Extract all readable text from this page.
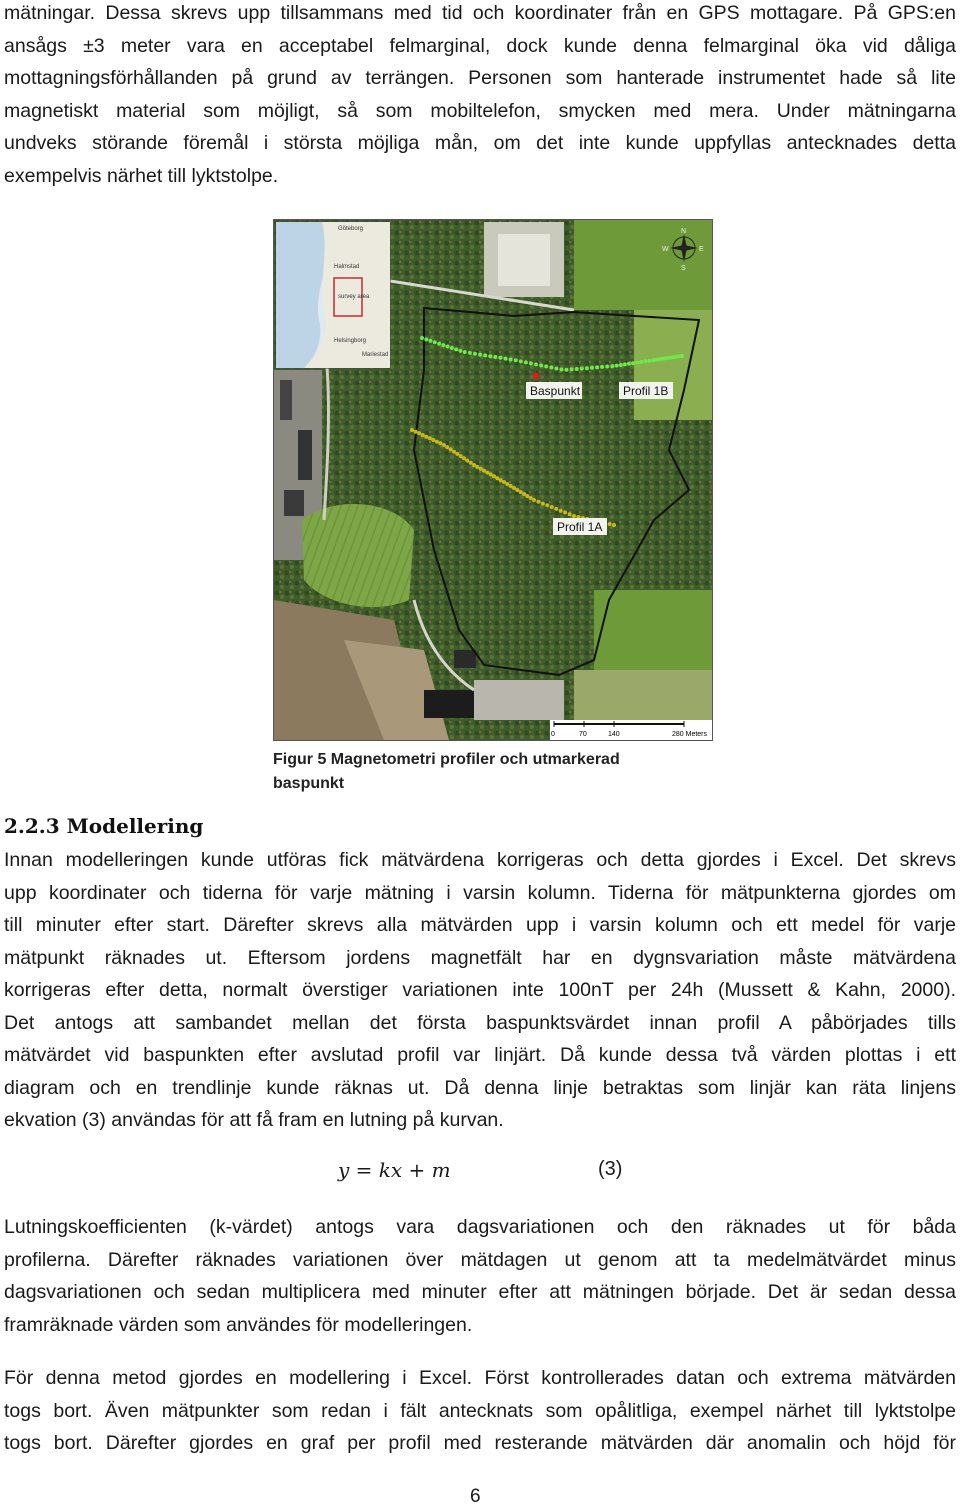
mätningar. Dessa skrevs upp tillsammans med tid och koordinater från en GPS mottagare. På GPS:en
ansågs ±3 meter vara en acceptabel felmarginal, dock kunde denna felmarginal öka vid dåliga
mottagningsförhållanden på grund av terrängen. Personen som hanterade instrumentet hade så lite
magnetiskt material som möjligt, så som mobiltelefon, smycken med mera. Under mätningarna
undveks störande föremål i största möjliga mån, om det inte kunde uppfyllas antecknades detta
exempelvis närhet till lyktstolpe.
Baspunkt	Profil 1B
Profil 1A
Göteborg
Halmstad
survey area
Helsingborg
Mariestad
N
S
E
W
0	70	140	280 Meters
Figur 5 Magnetometri profiler och utmarkerad baspunkt
2.2.3 Modellering
Innan modelleringen kunde utföras fick mätvärdena korrigeras och detta gjordes i Excel. Det skrevs
upp koordinater och tiderna för varje mätning i varsin kolumn. Tiderna för mätpunkterna gjordes om
till minuter efter start. Därefter skrevs alla mätvärden upp i varsin kolumn och ett medel för varje
mätpunkt räknades ut. Eftersom jordens magnetfält har en dygnsvariation måste mätvärdena
korrigeras efter detta, normalt överstiger variationen inte 100nT per 24h (Mussett & Kahn, 2000).
Det antogs att sambandet mellan det första baspunktsvärdet innan profil A påbörjades tills
mätvärdet vid baspunkten efter avslutad profil var linjärt. Då kunde dessa två värden plottas i ett
diagram och en trendlinje kunde räknas ut. Då denna linje betraktas som linjär kan räta linjens
ekvation (3) användas för att få fram en lutning på kurvan.
y = kx + m	(3)
Lutningskoefficienten (k-värdet) antogs vara dagsvariationen och den räknades ut för båda
profilerna. Därefter räknades variationen över mätdagen ut genom att ta medelmätvärdet minus
dagsvariationen och sedan multiplicera med minuter efter att mätningen började. Det är sedan dessa
framräknade värden som användes för modelleringen.
För denna metod gjordes en modellering i Excel. Först kontrollerades datan och extrema mätvärden
togs bort. Även mätpunkter som redan i fält antecknats som opålitliga, exempel närhet till lyktstolpe
togs bort. Därefter gjordes en graf per profil med resterande mätvärden där anomalin och höjd för
6
